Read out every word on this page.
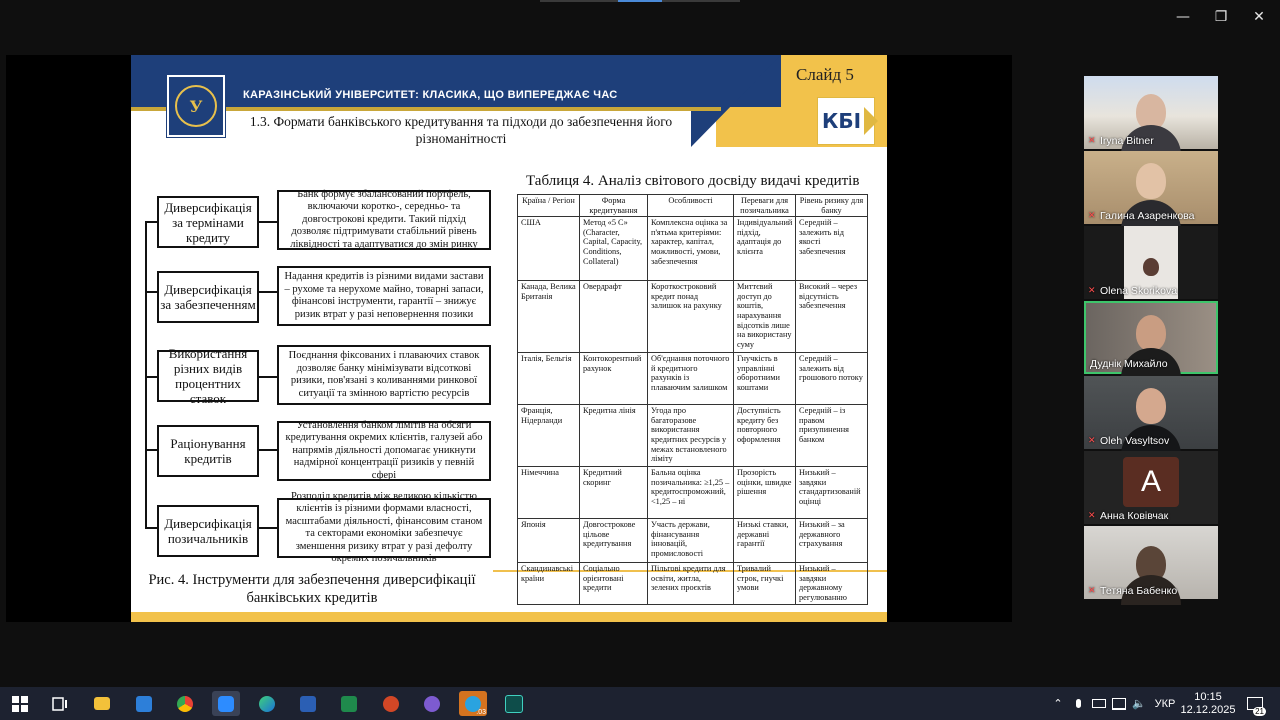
—	❐	✕
У
КАРАЗІНСЬКИЙ УНІВЕРСИТЕТ: КЛАСИКА, ЩО ВИПЕРЕДЖАЄ ЧАС
Слайд 5
КБІ
1.3. Формати банківського кредитування та підходи до забезпечення його різноманітності
Диверсифікація за термінами кредиту
Банк формує збалансований портфель, включаючи коротко-, середньо- та довгострокові кредити. Такий підхід дозволяє підтримувати стабільний рівень ліквідності та адаптуватися до змін ринку
Диверсифікація за забезпеченням
Надання кредитів із різними видами застави – рухоме та нерухоме майно, товарні запаси, фінансові інструменти, гарантії – знижує ризик втрат у разі неповернення позики
Використання різних видів процентних ставок
Поєднання фіксованих і плаваючих ставок дозволяє банку мінімізувати відсоткові ризики, пов'язані з коливаннями ринкової ситуації та змінною вартістю ресурсів
Раціонування кредитів
Установлення банком лімітів на обсяги кредитування окремих клієнтів, галузей або напрямів діяльності допомагає уникнути надмірної концентрації ризиків у певній сфері
Диверсифікація позичальників
Розподіл кредитів між великою кількістю клієнтів із різними формами власності, масштабами діяльності, фінансовим станом та секторами економіки забезпечує зменшення ризику втрат у разі дефолту окремих позичальників
Рис. 4. Інструменти для забезпечення диверсифікації банківських кредитів
Таблиця 4. Аналіз світового досвіду видачі кредитів
Країна / Регіон	Форма кредитування	Особливості	Переваги для позичальника	Рівень ризику для банку
США	Метод «5 C» (Character, Capital, Capacity, Conditions, Collateral)	Комплексна оцінка за п'ятьма критеріями: характер, капітал, можливості, умови, забезпечення	Індивідуальний підхід, адаптація до клієнта	Середній – залежить від якості забезпечення
Канада, Велика Британія	Овердрафт	Короткостроковий кредит понад залишок на рахунку	Миттєвий доступ до коштів, нарахування відсотків лише на використану суму	Високий – через відсутність забезпечення
Італія, Бельгія	Контокорентний рахунок	Об'єднання поточного й кредитного рахунків із плаваючим залишком	Гнучкість в управлінні оборотними коштами	Середній – залежить від грошового потоку
Франція, Нідерланди	Кредитна лінія	Угода про багаторазове використання кредитних ресурсів у межах встановленого ліміту	Доступність кредиту без повторного оформлення	Середній – із правом призупинення банком
Німеччина	Кредитний скоринг	Бальна оцінка позичальника: ≥1,25 – кредитоспроможний, <1,25 – ні	Прозорість оцінки, швидке рішення	Низький – завдяки стандартизованій оцінці
Японія	Довгострокове цільове кредитування	Участь держави, фінансування інновацій, промисловості	Низькі ставки, державні гарантії	Низький – за державного страхування
Скандинавські країни	Соціально орієнтовані кредити	Пільгові кредити для освіти, житла, зелених проєктів	Тривалий строк, гнучкі умови	Низький – завдяки державному регулюванню
✕ Iryna Bitner
✕ Галина Азаренкова
✕ Olena Skorikova
Дуднік Михайло
✕ Oleh Vasyltsov
A
✕ Анна Ковівчак
✕ Тетяна Бабенко
.03
⌃	🔈 УКР
10:15
12.12.2025 21
